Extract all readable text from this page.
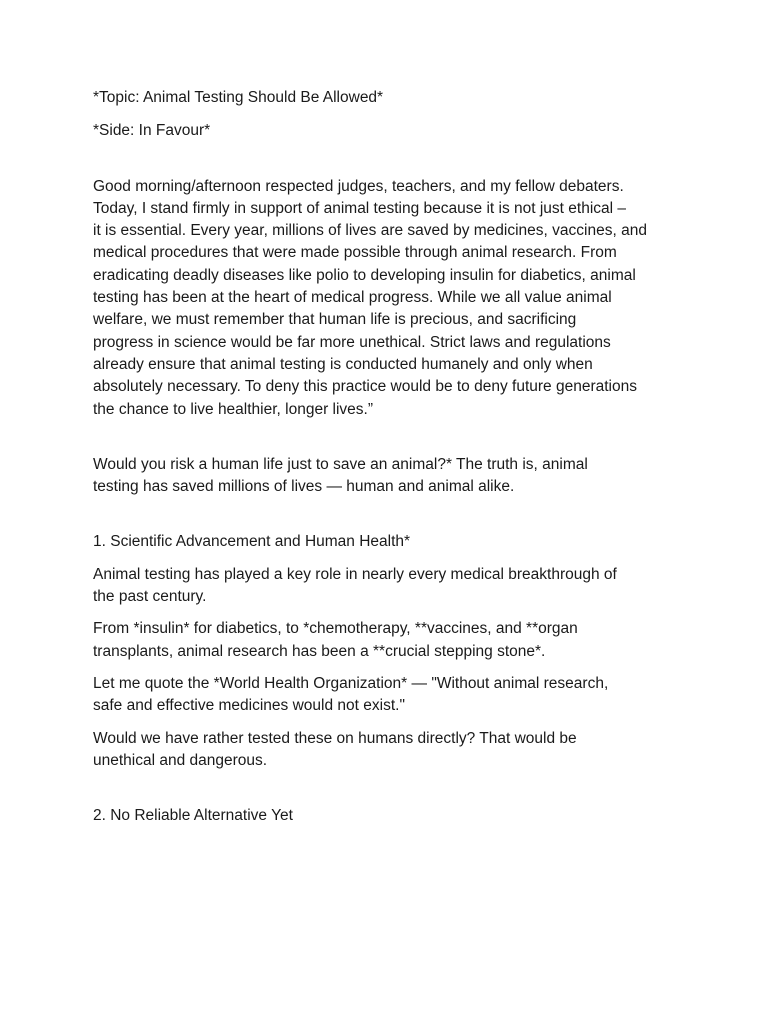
*Topic: Animal Testing Should Be Allowed*

*Side: In Favour*

Good morning/afternoon respected judges, teachers, and my fellow debaters.
Today, I stand firmly in support of animal testing because it is not just ethical –
it is essential. Every year, millions of lives are saved by medicines, vaccines, and
medical procedures that were made possible through animal research. From
eradicating deadly diseases like polio to developing insulin for diabetics, animal
testing has been at the heart of medical progress. While we all value animal
welfare, we must remember that human life is precious, and sacrificing
progress in science would be far more unethical. Strict laws and regulations
already ensure that animal testing is conducted humanely and only when
absolutely necessary. To deny this practice would be to deny future generations
the chance to live healthier, longer lives.”

Would you risk a human life just to save an animal?* The truth is, animal
testing has saved millions of lives — human and animal alike.

1. Scientific Advancement and Human Health*

Animal testing has played a key role in nearly every medical breakthrough of
the past century.

From *insulin* for diabetics, to *chemotherapy, **vaccines, and **organ
transplants, animal research has been a **crucial stepping stone*.

Let me quote the *World Health Organization* — "Without animal research,
safe and effective medicines would not exist."

Would we have rather tested these on humans directly? That would be
unethical and dangerous.

2. No Reliable Alternative Yet
